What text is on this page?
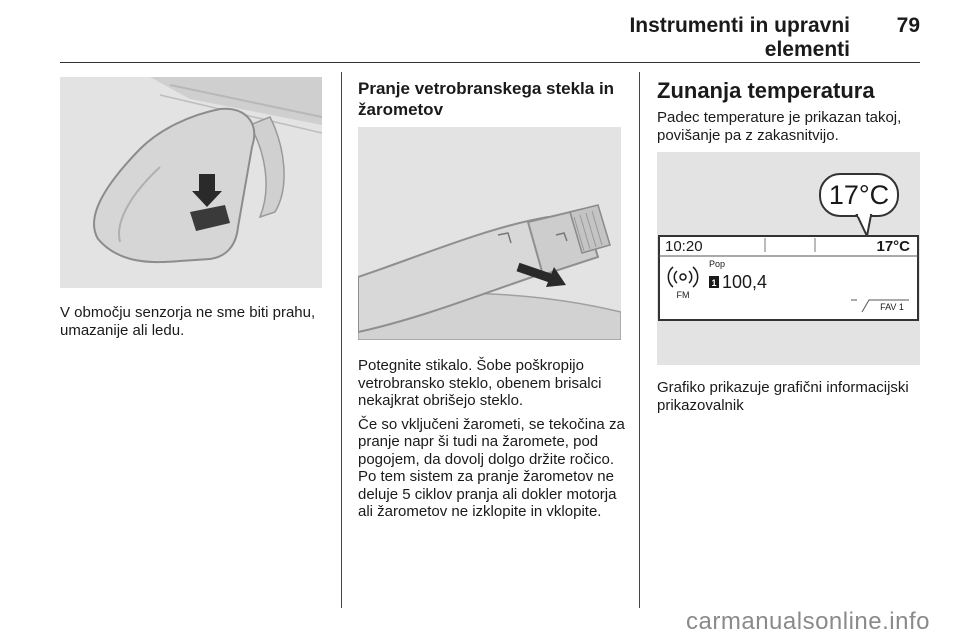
Instrumenti in upravni elementi
79
V območju senzorja ne sme biti prahu, umazanije ali ledu.
Pranje vetrobranskega stekla in žarometov

Potegnite stikalo. Šobe poškropijo vetrobransko steklo, obenem brisalci nekajkrat obrišejo steklo.

Če so vključeni žarometi, se tekočina za pranje napr ši tudi na žaromete, pod pogojem, da dovolj dolgo držite ročico. Po tem sistem za pranje žarometov ne deluje 5 ciklov pranja ali dokler motorja ali žarometov ne izklopite in vklopite.

Zunanja temperatura
Padec temperature je prikazan takoj, povišanje pa z zakasnitvijo.
17°C
10:20	17°C
FM
Pop
1 100,4
FAV 1
Grafiko prikazuje grafični informacijski prikazovalnik
carmanualsonline.info
